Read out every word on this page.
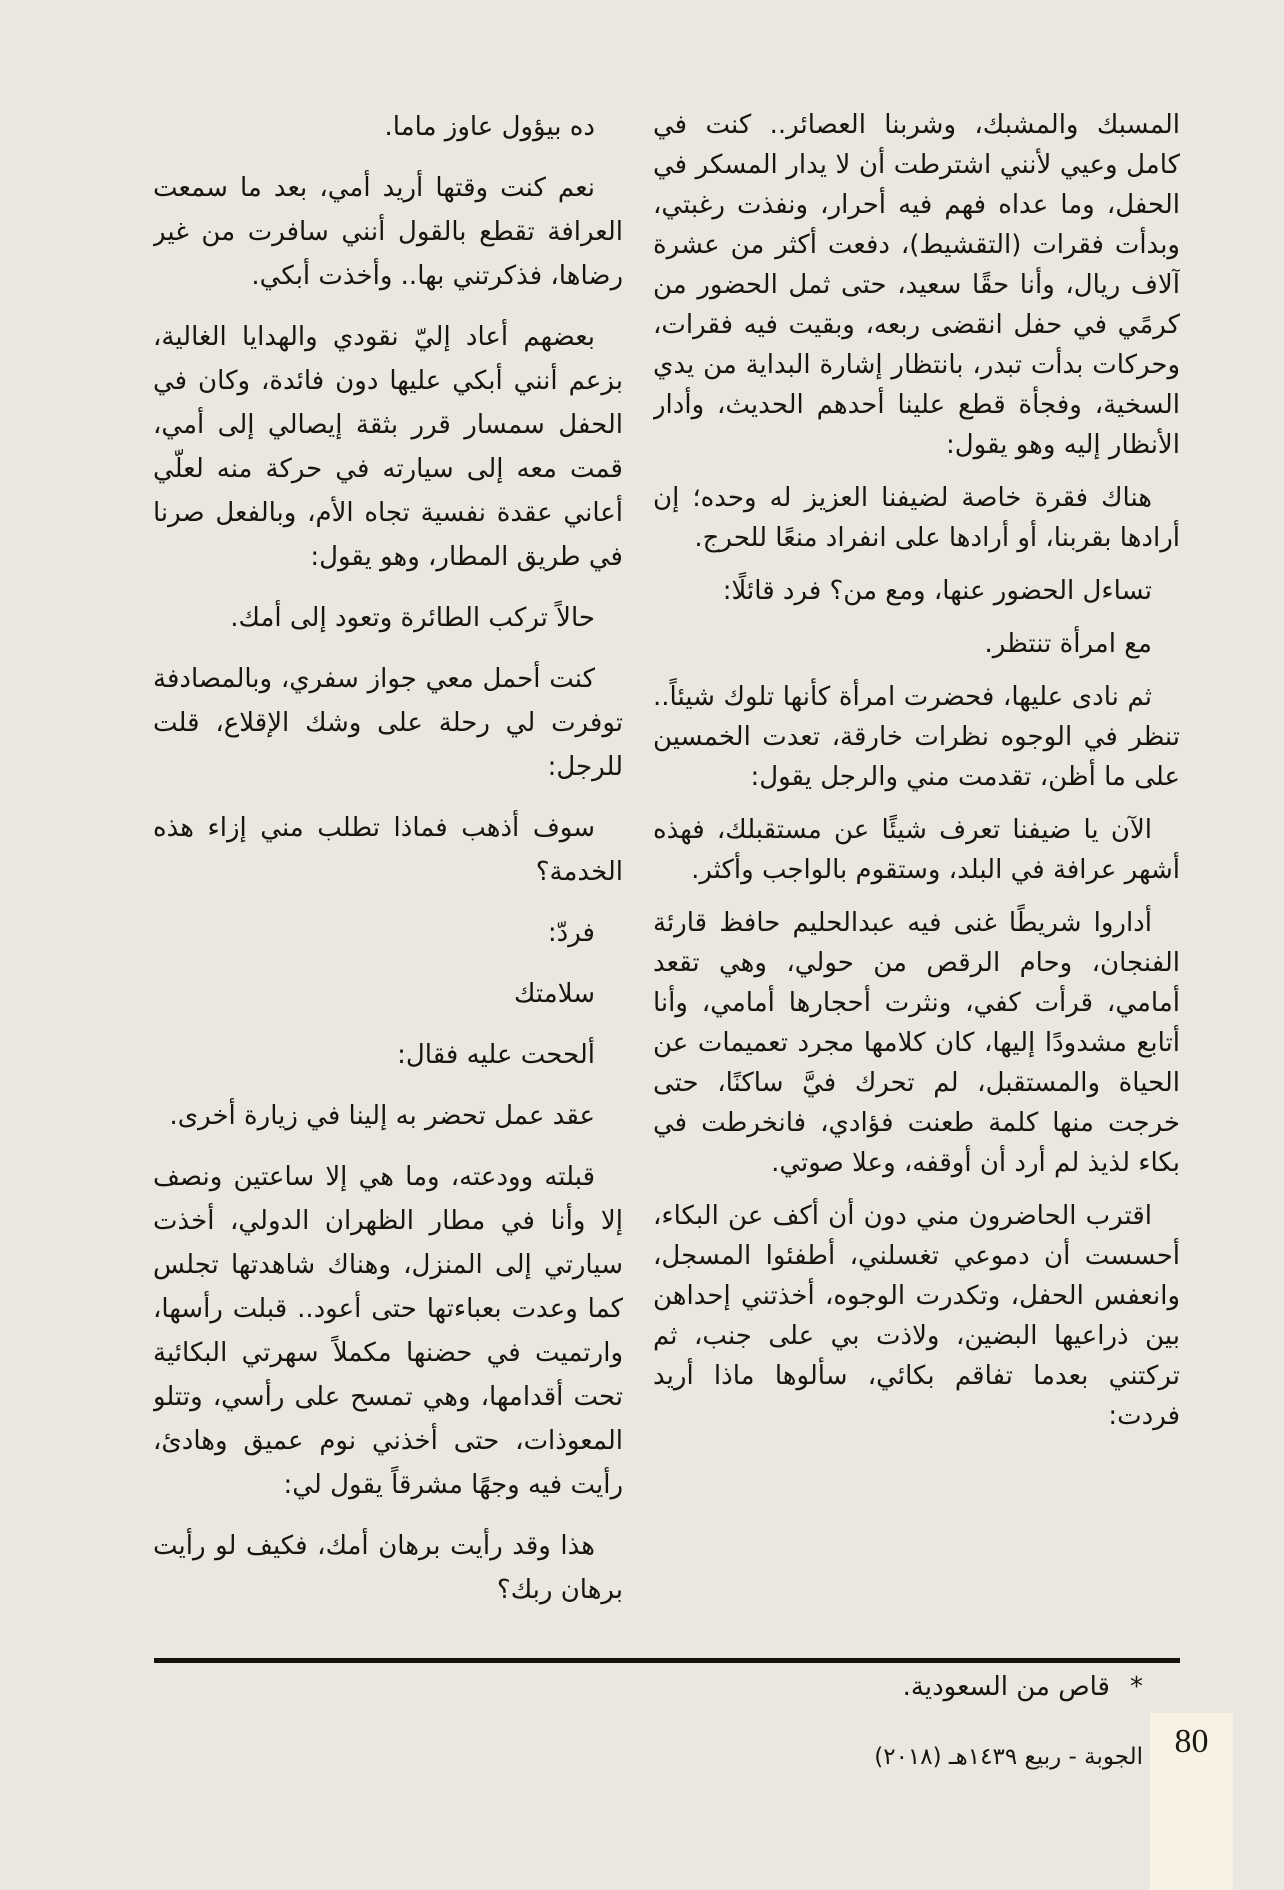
المسبك والمشبك، وشربنا العصائر.. كنت في كامل وعيي لأنني اشترطت أن لا يدار المسكر في الحفل، وما عداه فهم فيه أحرار، ونفذت رغبتي، وبدأت فقرات (التقشيط)، دفعت أكثر من عشرة آلاف ريال، وأنا حقًا سعيد، حتى ثمل الحضور من كرمًي في حفل انقضى ربعه، وبقيت فيه فقرات، وحركات بدأت تبدر، بانتظار إشارة البداية من يدي السخية، وفجأة قطع علينا أحدهم الحديث، وأدار الأنظار إليه وهو يقول:

هناك فقرة خاصة لضيفنا العزيز له وحده؛ إن أرادها بقربنا، أو أرادها على انفراد منعًا للحرج.

تساءل الحضور عنها، ومع من؟ فرد قائلًا:

مع امرأة تنتظر.

ثم نادى عليها، فحضرت امرأة كأنها تلوك شيئاً.. تنظر في الوجوه نظرات خارقة، تعدت الخمسين على ما أظن، تقدمت مني والرجل يقول:

الآن يا ضيفنا تعرف شيئًا عن مستقبلك، فهذه أشهر عرافة في البلد، وستقوم بالواجب وأكثر.

أداروا شريطًا غنى فيه عبدالحليم حافظ قارئة الفنجان، وحام الرقص من حولي، وهي تقعد أمامي، قرأت كفي، ونثرت أحجارها أمامي، وأنا أتابع مشدودًا إليها، كان كلامها مجرد تعميمات عن الحياة والمستقبل، لم تحرك فيَّ ساكنًا، حتى خرجت منها كلمة طعنت فؤادي، فانخرطت في بكاء لذيذ لم أرد أن أوقفه، وعلا صوتي.

اقترب الحاضرون مني دون أن أكف عن البكاء، أحسست أن دموعي تغسلني، أطفئوا المسجل، وانعفس الحفل، وتكدرت الوجوه، أخذتني إحداهن بين ذراعيها البضين، ولاذت بي على جنب، ثم تركتني بعدما تفاقم بكائي، سألوها ماذا أريد فردت:

ده بيؤول عاوز ماما.

نعم كنت وقتها أريد أمي، بعد ما سمعت العرافة تقطع بالقول أنني سافرت من غير رضاها، فذكرتني بها.. وأخذت أبكي.

بعضهم أعاد إليّ نقودي والهدايا الغالية، بزعم أنني أبكي عليها دون فائدة، وكان في الحفل سمسار قرر بثقة إيصالي إلى أمي، قمت معه إلى سيارته في حركة منه لعلّي أعاني عقدة نفسية تجاه الأم، وبالفعل صرنا في طريق المطار، وهو يقول:

حالاً تركب الطائرة وتعود إلى أمك.

كنت أحمل معي جواز سفري، وبالمصادفة توفرت لي رحلة على وشك الإقلاع، قلت للرجل:

سوف أذهب فماذا تطلب مني إزاء هذه الخدمة؟

فردّ:

سلامتك

ألححت عليه فقال:

عقد عمل تحضر به إلينا في زيارة أخرى.

قبلته وودعته، وما هي إلا ساعتين ونصف إلا وأنا في مطار الظهران الدولي، أخذت سيارتي إلى المنزل، وهناك شاهدتها تجلس كما وعدت بعباءتها حتى أعود.. قبلت رأسها، وارتميت في حضنها مكملاً سهرتي البكائية تحت أقدامها، وهي تمسح على رأسي، وتتلو المعوذات، حتى أخذني نوم عميق وهادئ، رأيت فيه وجهًا مشرقاً يقول لي:

هذا وقد رأيت برهان أمك، فكيف لو رأيت برهان ربك؟

*قاص من السعودية.
الجوبة - ربيع ١٤٣٩هـ (٢٠١٨) 80
